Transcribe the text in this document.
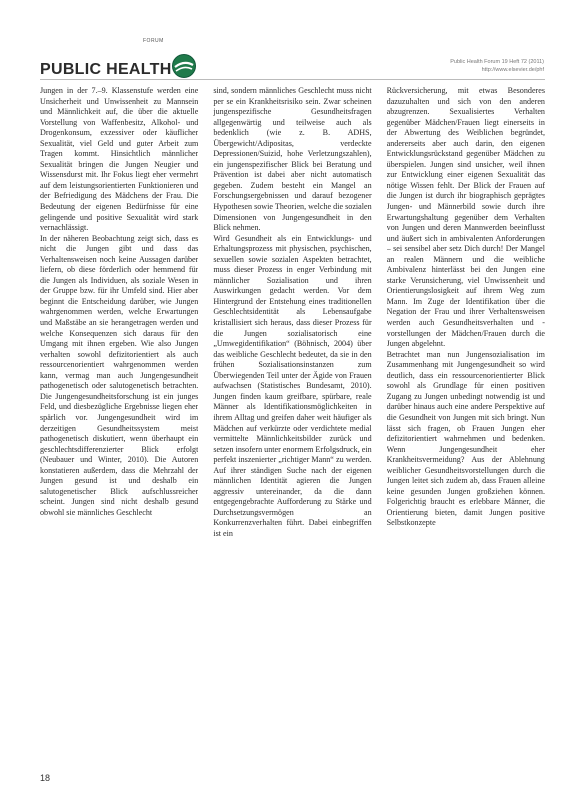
PUBLIC HEALTH
FORUM
Public Health Forum 19 Heft 72 (2011)
http://www.elsevier.de/phf

Jungen in der 7.–9. Klassenstufe werden eine Unsicherheit und Unwissenheit zu Mannsein und Männlichkeit auf, die über die aktuelle Vorstellung von Waffenbesitz, Alkohol- und Drogenkonsum, exzessiver oder käuflicher Sexualität, viel Geld und guter Arbeit zum Tragen kommt. Hinsichtlich männlicher Sexualität bringen die Jungen Neugier und Wissensdurst mit. Ihr Fokus liegt eher vermehrt auf dem leistungsorientierten Funktionieren und der Befriedigung des Mädchens der Frau. Die Bedeutung der eigenen Bedürfnisse für eine gelingende und positive Sexualität wird stark vernachlässigt.

In der näheren Beobachtung zeigt sich, dass es nicht die Jungen gibt und dass das Verhaltensweisen noch keine Aussagen darüber liefern, ob diese förderlich oder hemmend für die Jungen als Individuen, als soziale Wesen in der Gruppe bzw. für ihr Umfeld sind. Hier aber beginnt die Entscheidung darüber, wie Jungen wahrgenommen werden, welche Erwartungen und Maßstäbe an sie herangetragen werden und welche Konsequenzen sich daraus für den Umgang mit ihnen ergeben. Wie also Jungen verhalten sowohl defizitorientiert als auch ressourcenorientiert wahrgenommen werden kann, vermag man auch Jungengesundheit pathogenetisch oder salutogenetisch betrachten. Die Jungengesundheitsforschung ist ein junges Feld, und diesbezügliche Ergebnisse liegen eher spärlich vor. Jungengesundheit wird im derzeitigen Gesundheitssystem meist pathogenetisch diskutiert, wenn überhaupt ein geschlechtsdifferenzierter Blick erfolgt (Neubauer und Winter, 2010). Die Autoren konstatieren außerdem, dass die Mehrzahl der Jungen gesund ist und deshalb ein salutogenetischer Blick aufschlussreicher scheint. Jungen sind nicht deshalb gesund obwohl sie männliches Geschlecht

sind, sondern männliches Geschlecht muss nicht per se ein Krankheitsrisiko sein. Zwar scheinen jungenspezifische Gesundheitsfragen allgegenwärtig und teilweise auch als bedenklich (wie z. B. ADHS, Übergewicht/Adipositas, verdeckte Depressionen/Suizid, hohe Verletzungszahlen), ein jungenspezifischer Blick bei Beratung und Prävention ist dabei aber nicht automatisch gegeben. Zudem besteht ein Mangel an Forschungsergebnissen und darauf bezogener Hypothesen sowie Theorien, welche die sozialen Dimensionen von Jungengesundheit in den Blick nehmen.

Wird Gesundheit als ein Entwicklungs- und Erhaltungsprozess mit physischen, psychischen, sexuellen sowie sozialen Aspekten betrachtet, muss dieser Prozess in enger Verbindung mit männlicher Sozialisation und ihren Auswirkungen gedacht werden. Vor dem Hintergrund der Entstehung eines traditionellen Geschlechtsidentität als Lebensaufgabe kristallisiert sich heraus, dass dieser Prozess für die Jungen sozialisatorisch eine „Umwegidentifikation“ (Böhnisch, 2004) über das weibliche Geschlecht bedeutet, da sie in den frühen Sozialisationsinstanzen zum Überwiegenden Teil unter der Ägide von Frauen aufwachsen (Statistisches Bundesamt, 2010). Jungen finden kaum greifbare, spürbare, reale Männer als Identifikationsmöglichkeiten in ihrem Alltag und greifen daher weit häufiger als Mädchen auf verkürzte oder verdichtete medial vermittelte Männlichkeitsbilder zurück und setzen insofern unter enormem Erfolgsdruck, ein perfekt inszenierter „richtiger Mann“ zu werden. Auf ihrer ständigen Suche nach der eigenen männlichen Identität agieren die Jungen aggressiv untereinander, da die dann entgegengebrachte Aufforderung zu Stärke und Durchsetzungsvermögen an Konkurrenzverhalten führt. Dabei einbegriffen ist ein

Rückversicherung, mit etwas Besonderes dazuzuhalten und sich von den anderen abzugrenzen. Sexualisiertes Verhalten gegenüber Mädchen/Frauen liegt einerseits in der Abwertung des Weiblichen begründet, andererseits aber auch darin, den eigenen Entwicklungsrückstand gegenüber Mädchen zu überspielen. Jungen sind unsicher, weil ihnen zur Entwicklung einer eigenen Sexualität das nötige Wissen fehlt. Der Blick der Frauen auf die Jungen ist durch ihr biographisch geprägtes Jungen- und Männerbild sowie durch ihre Erwartungshaltung gegenüber dem Verhalten von Jungen und deren Mannwerden beeinflusst und äußert sich in ambivalenten Anforderungen – sei sensibel aber setz Dich durch! Der Mangel an realen Männern und die weibliche Ambivalenz hinterlässt bei den Jungen eine starke Verunsicherung, viel Unwissenheit und Orientierungslosigkeit auf ihrem Weg zum Mann. Im Zuge der Identifikation über die Negation der Frau und ihrer Verhaltensweisen werden auch Gesundheitsverhalten und -vorstellungen der Mädchen/Frauen durch die Jungen abgelehnt.

Betrachtet man nun Jungensozialisation im Zusammenhang mit Jungengesundheit so wird deutlich, dass ein ressourcenorientierter Blick sowohl als Grundlage für einen positiven Zugang zu Jungen unbedingt notwendig ist und darüber hinaus auch eine andere Perspektive auf die Gesundheit von Jungen mit sich bringt. Nun lässt sich fragen, ob Frauen Jungen eher defizitorientiert wahrnehmen und bedenken. Wenn Jungengesundheit eher Krankheitsvermeidung? Aus der Ablehnung weiblicher Gesundheitsvorstellungen durch die Jungen leitet sich zudem ab, dass Frauen alleine keine gesunden Jungen großziehen können. Folgerichtig braucht es erlebbare Männer, die Orientierung bieten, damit Jungen positive Selbstkonzepte

18
